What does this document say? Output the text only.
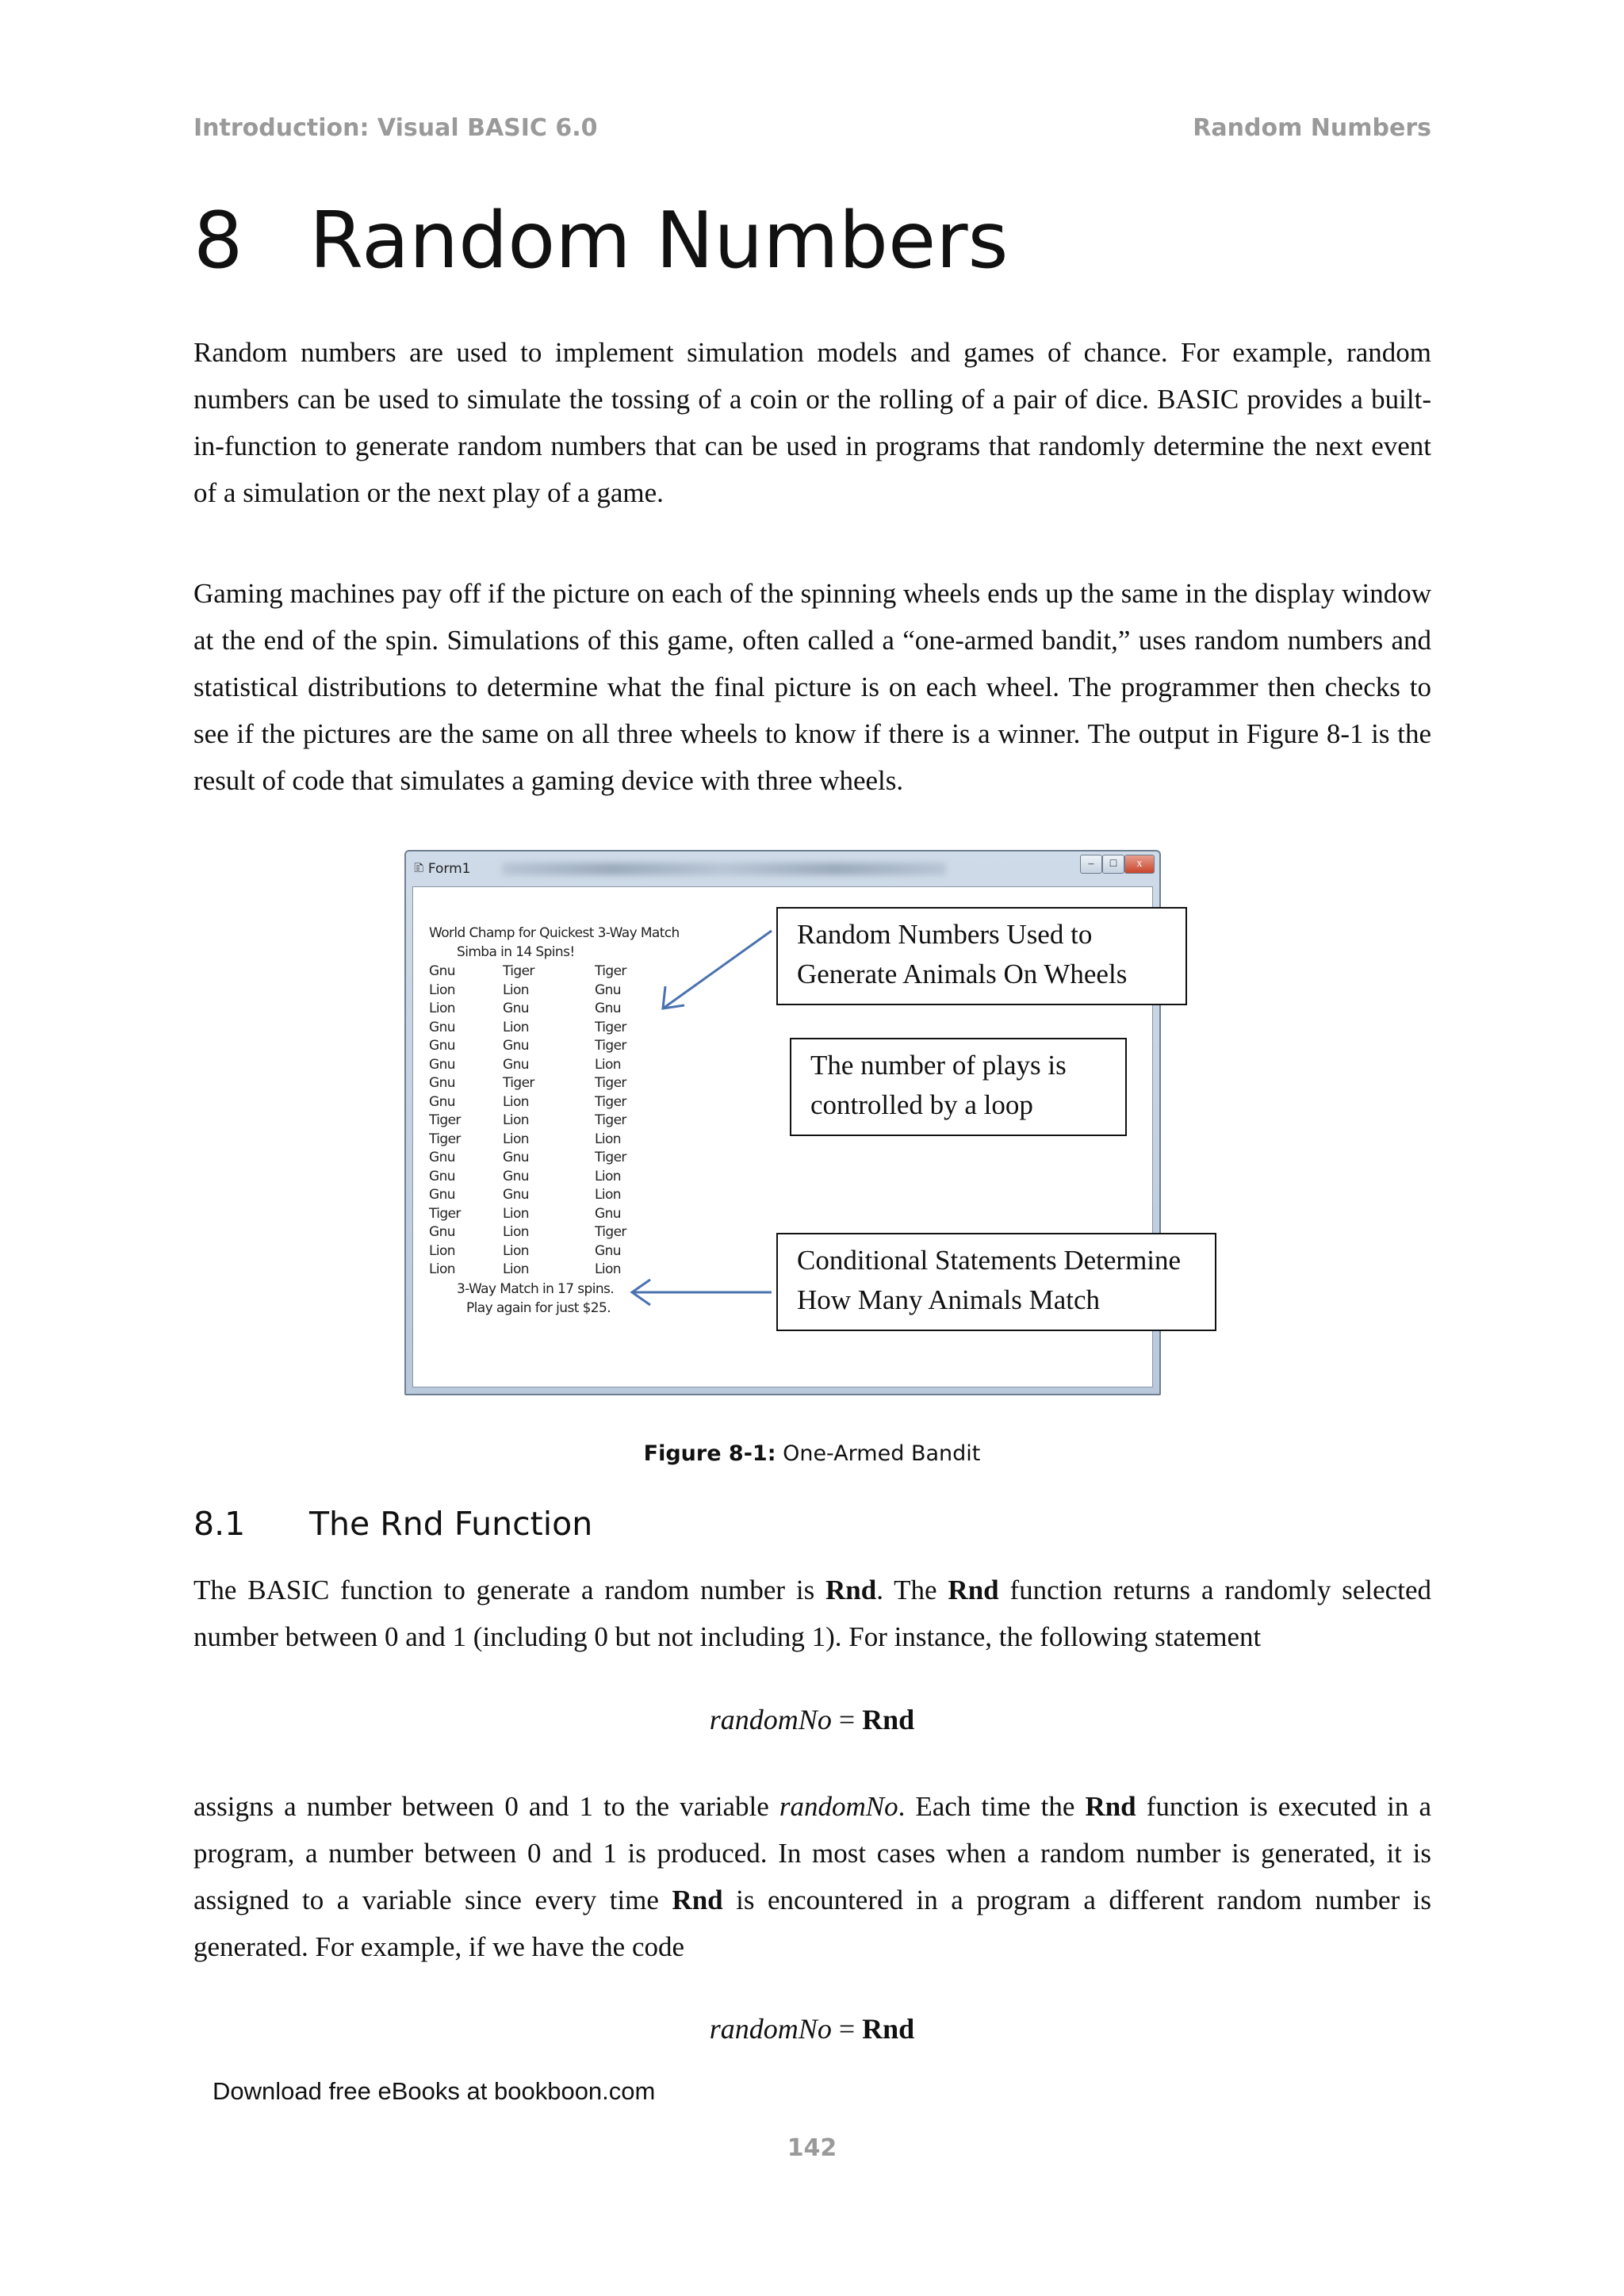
Introduction: Visual BASIC 6.0	Random Numbers
8 Random Numbers

Random numbers are used to implement simulation models and games of chance. For example, random numbers can be used to simulate the tossing of a coin or the rolling of a pair of dice. BASIC provides a built-in-function to generate random numbers that can be used in programs that randomly determine the next event of a simulation or the next play of a game.

Gaming machines pay off if the picture on each of the spinning wheels ends up the same in the display window at the end of the spin. Simulations of this game, often called a “one-armed bandit,” uses random numbers and statistical distributions to determine what the final picture is on each wheel. The programmer then checks to see if the pictures are the same on all three wheels to know if there is a winner. The output in Figure 8-1 is the result of code that simulates a gaming device with three wheels.

🗈
Form1	–	□	x
World Champ for Quickest 3-Way Match
Simba in 14 Spins!
Gnu	Tiger	Tiger
Lion	Lion	Gnu
Lion	Gnu	Gnu
Gnu	Lion	Tiger
Gnu	Gnu	Tiger
Gnu	Gnu	Lion
Gnu	Tiger	Tiger
Gnu	Lion	Tiger
Tiger	Lion	Tiger
Tiger	Lion	Lion
Gnu	Gnu	Tiger
Gnu	Gnu	Lion
Gnu	Gnu	Lion
Tiger	Lion	Gnu
Gnu	Lion	Tiger
Lion	Lion	Gnu
Lion	Lion	Lion
3-Way Match in 17 spins.
Play again for just $25.
Random Numbers Used to
Generate Animals On Wheels
The number of plays is
controlled by a loop
Conditional Statements Determine
How Many Animals Match
Figure 8-1: One-Armed Bandit
8.1 The Rnd Function

The BASIC function to generate a random number is Rnd. The Rnd function returns a randomly selected number between 0 and 1 (including 0 but not including 1). For instance, the following statement

randomNo = Rnd

assigns a number between 0 and 1 to the variable randomNo. Each time the Rnd function is executed in a program, a number between 0 and 1 is produced. In most cases when a random number is generated, it is assigned to a variable since every time Rnd is encountered in a program a different random number is generated. For example, if we have the code

randomNo = Rnd
Download free eBooks at bookboon.com
142
